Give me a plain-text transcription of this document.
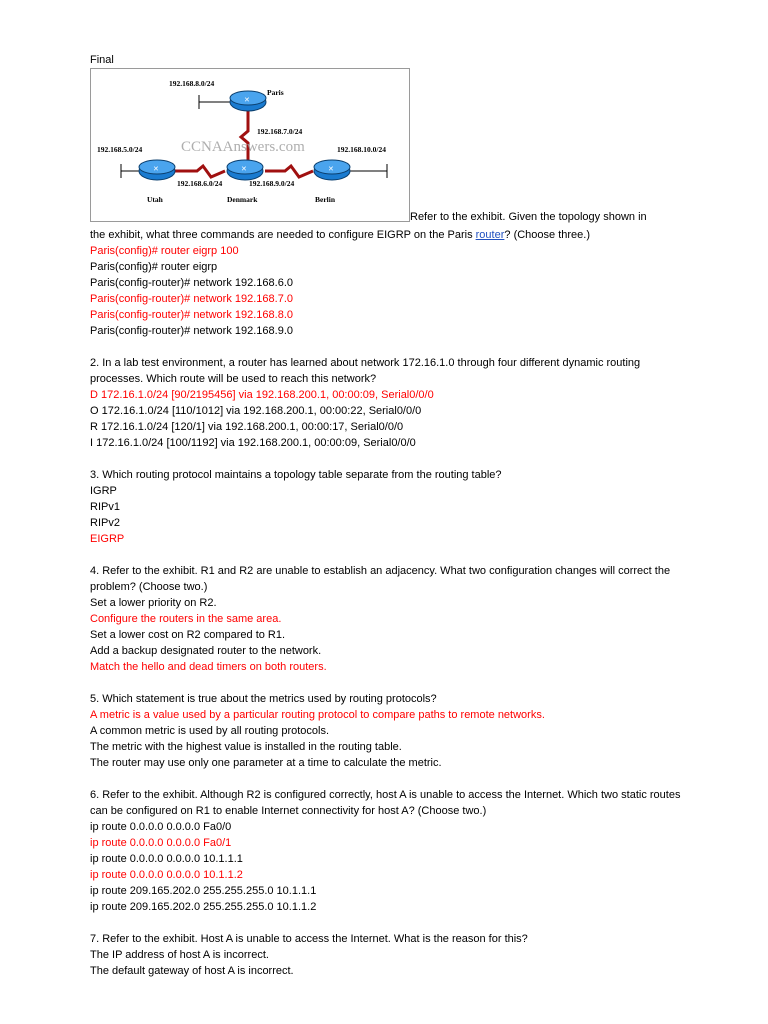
Final
✕
✕	✕	✕
CCNAAnswers.com
192.168.8.0/24
Paris
192.168.7.0/24
192.168.5.0/24	192.168.10.0/24
192.168.6.0/24	192.168.9.0/24
Utah	Denmark	Berlin
Refer to the exhibit. Given the topology shown in
the exhibit, what three commands are needed to configure EIGRP on the Paris router? (Choose three.)
Paris(config)# router eigrp 100
Paris(config)# router eigrp
Paris(config-router)# network 192.168.6.0
Paris(config-router)# network 192.168.7.0
Paris(config-router)# network 192.168.8.0
Paris(config-router)# network 192.168.9.0
2. In a lab test environment, a router has learned about network 172.16.1.0 through four different dynamic routing processes. Which route will be used to reach this network?
D 172.16.1.0/24 [90/2195456] via 192.168.200.1, 00:00:09, Serial0/0/0
O 172.16.1.0/24 [110/1012] via 192.168.200.1, 00:00:22, Serial0/0/0
R 172.16.1.0/24 [120/1] via 192.168.200.1, 00:00:17, Serial0/0/0
I 172.16.1.0/24 [100/1192] via 192.168.200.1, 00:00:09, Serial0/0/0
3. Which routing protocol maintains a topology table separate from the routing table?
IGRP
RIPv1
RIPv2
EIGRP
4. Refer to the exhibit. R1 and R2 are unable to establish an adjacency. What two configuration changes will correct the problem? (Choose two.)
Set a lower priority on R2.
Configure the routers in the same area.
Set a lower cost on R2 compared to R1.
Add a backup designated router to the network.
Match the hello and dead timers on both routers.
5. Which statement is true about the metrics used by routing protocols?
A metric is a value used by a particular routing protocol to compare paths to remote networks.
A common metric is used by all routing protocols.
The metric with the highest value is installed in the routing table.
The router may use only one parameter at a time to calculate the metric.
6. Refer to the exhibit. Although R2 is configured correctly, host A is unable to access the Internet. Which two static routes can be configured on R1 to enable Internet connectivity for host A? (Choose two.)
ip route 0.0.0.0 0.0.0.0 Fa0/0
ip route 0.0.0.0 0.0.0.0 Fa0/1
ip route 0.0.0.0 0.0.0.0 10.1.1.1
ip route 0.0.0.0 0.0.0.0 10.1.1.2
ip route 209.165.202.0 255.255.255.0 10.1.1.1
ip route 209.165.202.0 255.255.255.0 10.1.1.2
7. Refer to the exhibit. Host A is unable to access the Internet. What is the reason for this?
The IP address of host A is incorrect.
The default gateway of host A is incorrect.
